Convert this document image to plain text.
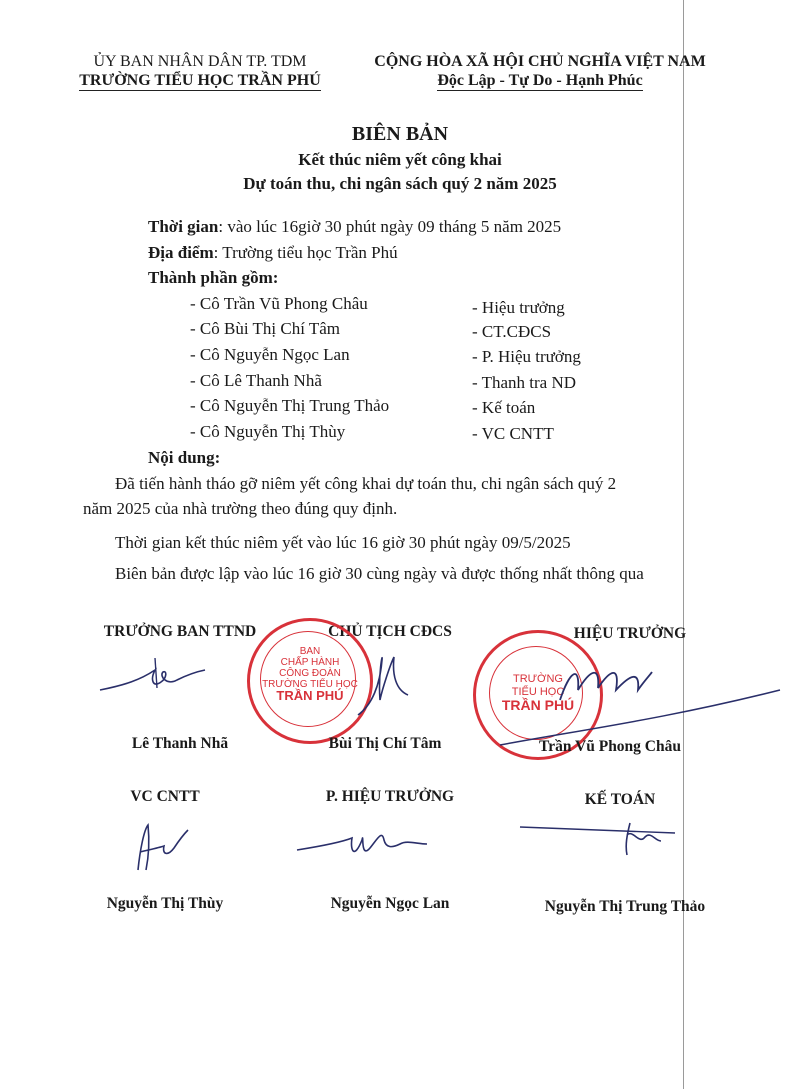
ỦY BAN NHÂN DÂN TP. TDM
TRƯỜNG TIỂU HỌC TRẦN PHÚ
CỘNG HÒA XÃ HỘI CHỦ NGHĨA VIỆT NAM
Độc Lập - Tự Do - Hạnh Phúc
BIÊN BẢN
Kết thúc niêm yết công khai
Dự toán thu, chi ngân sách quý 2 năm 2025
Thời gian: vào lúc 16giờ 30 phút ngày 09 tháng 5 năm 2025
Địa điểm: Trường tiểu học Trần Phú
Thành phần gồm:
- Cô Trần Vũ Phong Châu	- Hiệu trưởng
- Cô Bùi Thị Chí Tâm	- CT.CĐCS
- Cô Nguyễn Ngọc Lan	- P. Hiệu trưởng
- Cô Lê Thanh Nhã	- Thanh tra ND
- Cô Nguyễn Thị Trung Thảo	- Kế toán
- Cô Nguyễn Thị Thùy	- VC CNTT
Nội dung:
Đã tiến hành tháo gỡ niêm yết công khai dự toán thu, chi ngân sách quý 2
năm 2025 của nhà trường theo đúng quy định.
Thời gian kết thúc niêm yết vào lúc 16 giờ 30 phút ngày 09/5/2025
Biên bản được lập vào lúc 16 giờ 30 cùng ngày và được thống nhất thông qua
TRƯỞNG BAN TTND	CHỦ TỊCH CĐCS	HIỆU TRƯỞNG
BAN
CHẤP HÀNH
CÔNG ĐOÀN
TRƯỜNG TIỂU HỌC
TRẦN PHÚ
TRƯỜNG
TIỂU HỌC
TRẦN PHÚ
Lê Thanh Nhã	Bùi Thị Chí Tâm	Trần Vũ Phong Châu
VC CNTT	P. HIỆU TRƯỞNG	KẾ TOÁN
Nguyễn Thị Thùy	Nguyễn Ngọc Lan	Nguyễn Thị Trung Thảo
